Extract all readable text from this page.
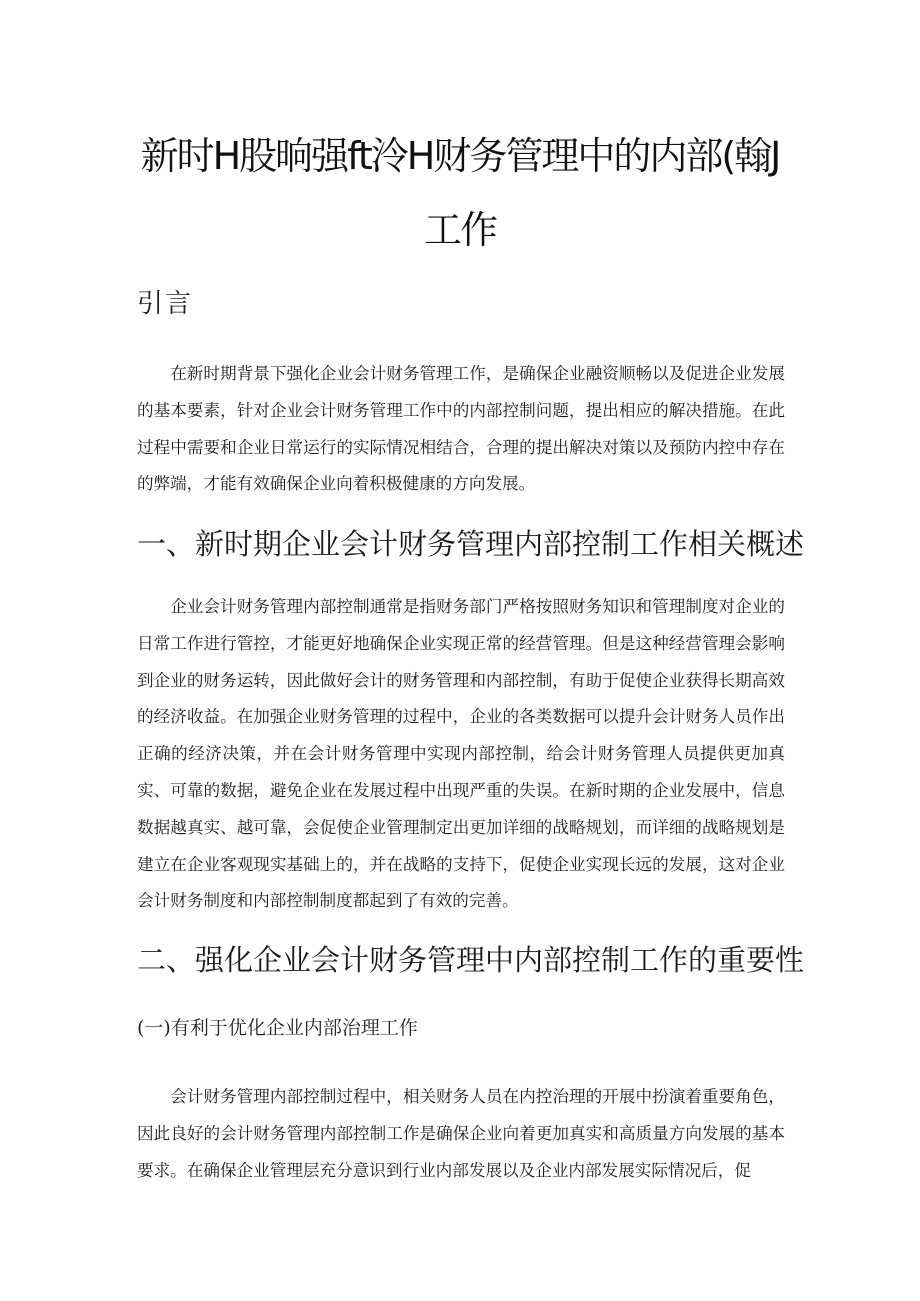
新时H股晌强ft泠H财务管理中的内部(翰J
工作
引言

在新时期背景下强化企业会计财务管理工作，是确保企业融资顺畅以及促进企业发展的基本要素，针对企业会计财务管理工作中的内部控制问题，提出相应的解决措施。在此过程中需要和企业日常运行的实际情况相结合，合理的提出解决对策以及预防内控中存在的弊端，才能有效确保企业向着积极健康的方向发展。

一、新时期企业会计财务管理内部控制工作相关概述

企业会计财务管理内部控制通常是指财务部门严格按照财务知识和管理制度对企业的日常工作进行管控，才能更好地确保企业实现正常的经营管理。但是这种经营管理会影响到企业的财务运转，因此做好会计的财务管理和内部控制，有助于促使企业获得长期高效的经济收益。在加强企业财务管理的过程中，企业的各类数据可以提升会计财务人员作出正确的经济决策，并在会计财务管理中实现内部控制，给会计财务管理人员提供更加真实、可靠的数据，避免企业在发展过程中出现严重的失误。在新时期的企业发展中，信息数据越真实、越可靠，会促使企业管理制定出更加详细的战略规划，而详细的战略规划是建立在企业客观现实基础上的，并在战略的支持下，促使企业实现长远的发展，这对企业会计财务制度和内部控制制度都起到了有效的完善。

二、强化企业会计财务管理中内部控制工作的重要性
(一)有利于优化企业内部治理工作

会计财务管理内部控制过程中，相关财务人员在内控治理的开展中扮演着重要角色，因此良好的会计财务管理内部控制工作是确保企业向着更加真实和高质量方向发展的基本要求。在确保企业管理层充分意识到行业内部发展以及企业内部发展实际情况后，促
